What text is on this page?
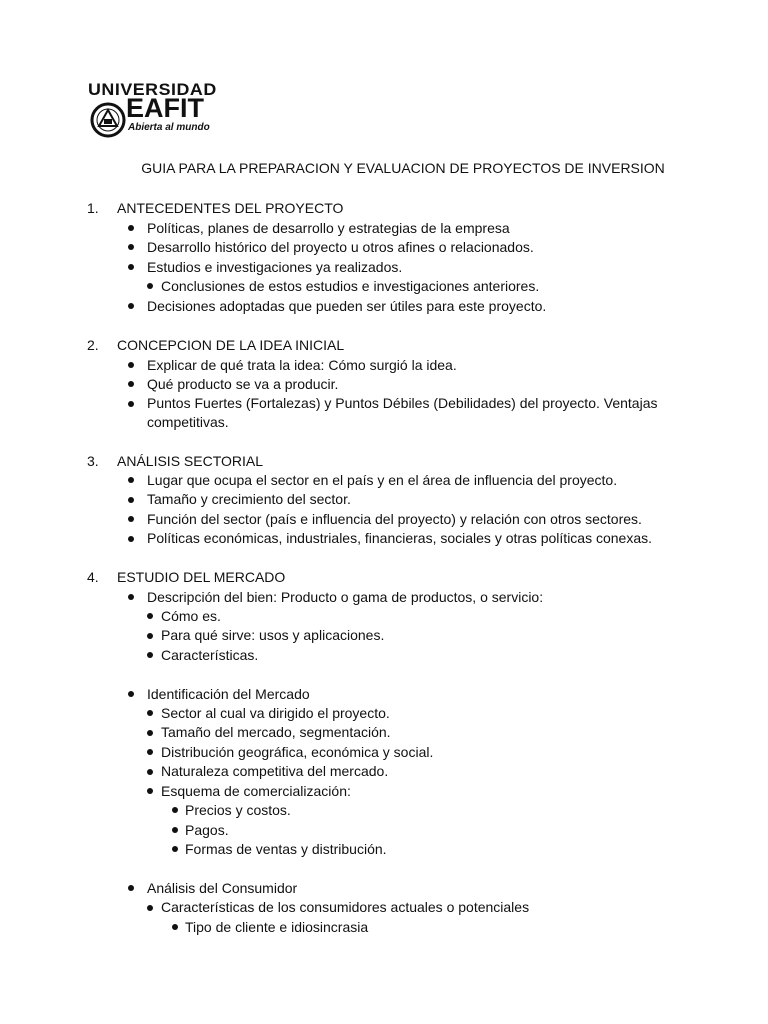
UNIVERSIDAD
EAFIT
Abierta al mundo
GUIA PARA LA PREPARACION Y EVALUACION DE PROYECTOS DE INVERSION
1. ANTECEDENTES DEL PROYECTO
Políticas, planes de desarrollo y estrategias de la empresa
Desarrollo histórico del proyecto u otros afines o relacionados.
Estudios e investigaciones ya realizados.
Conclusiones de estos estudios e investigaciones anteriores.
Decisiones adoptadas que pueden ser útiles para este proyecto.
2. CONCEPCION DE LA IDEA INICIAL
Explicar de qué trata la idea: Cómo surgió la idea.
Qué producto se va a producir.
Puntos Fuertes (Fortalezas) y Puntos Débiles (Debilidades) del proyecto. Ventajas
competitivas.
3. ANÁLISIS SECTORIAL
Lugar que ocupa el sector en el país y en el área de influencia del proyecto.
Tamaño y crecimiento del sector.
Función del sector (país e influencia del proyecto) y relación con otros sectores.
Políticas económicas, industriales, financieras, sociales y otras políticas conexas.
4. ESTUDIO DEL MERCADO
Descripción del bien: Producto o gama de productos, o servicio:
Cómo es.
Para qué sirve: usos y aplicaciones.
Características.
Identificación del Mercado
Sector al cual va dirigido el proyecto.
Tamaño del mercado, segmentación.
Distribución geográfica, económica y social.
Naturaleza competitiva del mercado.
Esquema de comercialización:
Precios y costos.
Pagos.
Formas de ventas y distribución.
Análisis del Consumidor
Características de los consumidores actuales o potenciales
Tipo de cliente e idiosincrasia
